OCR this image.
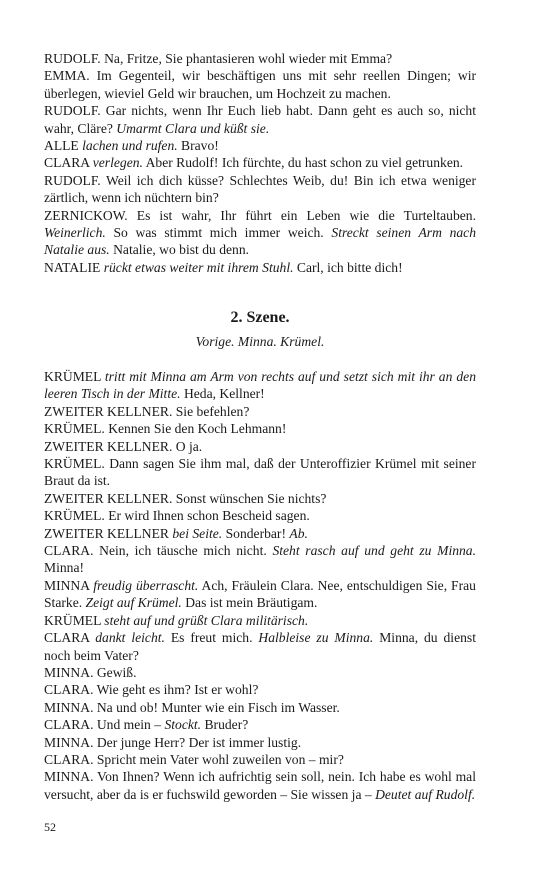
RUDOLF. Na, Fritze, Sie phantasieren wohl wieder mit Emma?

EMMA. Im Gegenteil, wir beschäftigen uns mit sehr reellen Dingen; wir überlegen, wieviel Geld wir brauchen, um Hochzeit zu machen.

RUDOLF. Gar nichts, wenn Ihr Euch lieb habt. Dann geht es auch so, nicht wahr, Cläre? Umarmt Clara und küßt sie.

ALLE lachen und rufen. Bravo!

CLARA verlegen. Aber Rudolf! Ich fürchte, du hast schon zu viel getrunken.

RUDOLF. Weil ich dich küsse? Schlechtes Weib, du! Bin ich etwa weniger zärtlich, wenn ich nüchtern bin?

ZERNICKOW. Es ist wahr, Ihr führt ein Leben wie die Turteltauben. Weinerlich. So was stimmt mich immer weich. Streckt seinen Arm nach Natalie aus. Natalie, wo bist du denn.

NATALIE rückt etwas weiter mit ihrem Stuhl. Carl, ich bitte dich!

2. Szene.

Vorige. Minna. Krümel.

KRÜMEL tritt mit Minna am Arm von rechts auf und setzt sich mit ihr an den leeren Tisch in der Mitte. Heda, Kellner!

ZWEITER KELLNER. Sie befehlen?

KRÜMEL. Kennen Sie den Koch Lehmann!

ZWEITER KELLNER. O ja.

KRÜMEL. Dann sagen Sie ihm mal, daß der Unteroffizier Krümel mit seiner Braut da ist.

ZWEITER KELLNER. Sonst wünschen Sie nichts?

KRÜMEL. Er wird Ihnen schon Bescheid sagen.

ZWEITER KELLNER bei Seite. Sonderbar! Ab.

CLARA. Nein, ich täusche mich nicht. Steht rasch auf und geht zu Minna. Minna!

MINNA freudig überrascht. Ach, Fräulein Clara. Nee, entschuldigen Sie, Frau Starke. Zeigt auf Krümel. Das ist mein Bräutigam.

KRÜMEL steht auf und grüßt Clara militärisch.

CLARA dankt leicht. Es freut mich. Halbleise zu Minna. Minna, du dienst noch beim Vater?

MINNA. Gewiß.

CLARA. Wie geht es ihm? Ist er wohl?

MINNA. Na und ob! Munter wie ein Fisch im Wasser.

CLARA. Und mein – Stockt. Bruder?

MINNA. Der junge Herr? Der ist immer lustig.

CLARA. Spricht mein Vater wohl zuweilen von – mir?

MINNA. Von Ihnen? Wenn ich aufrichtig sein soll, nein. Ich habe es wohl mal versucht, aber da is er fuchswild geworden – Sie wissen ja – Deutet auf Rudolf.

52
